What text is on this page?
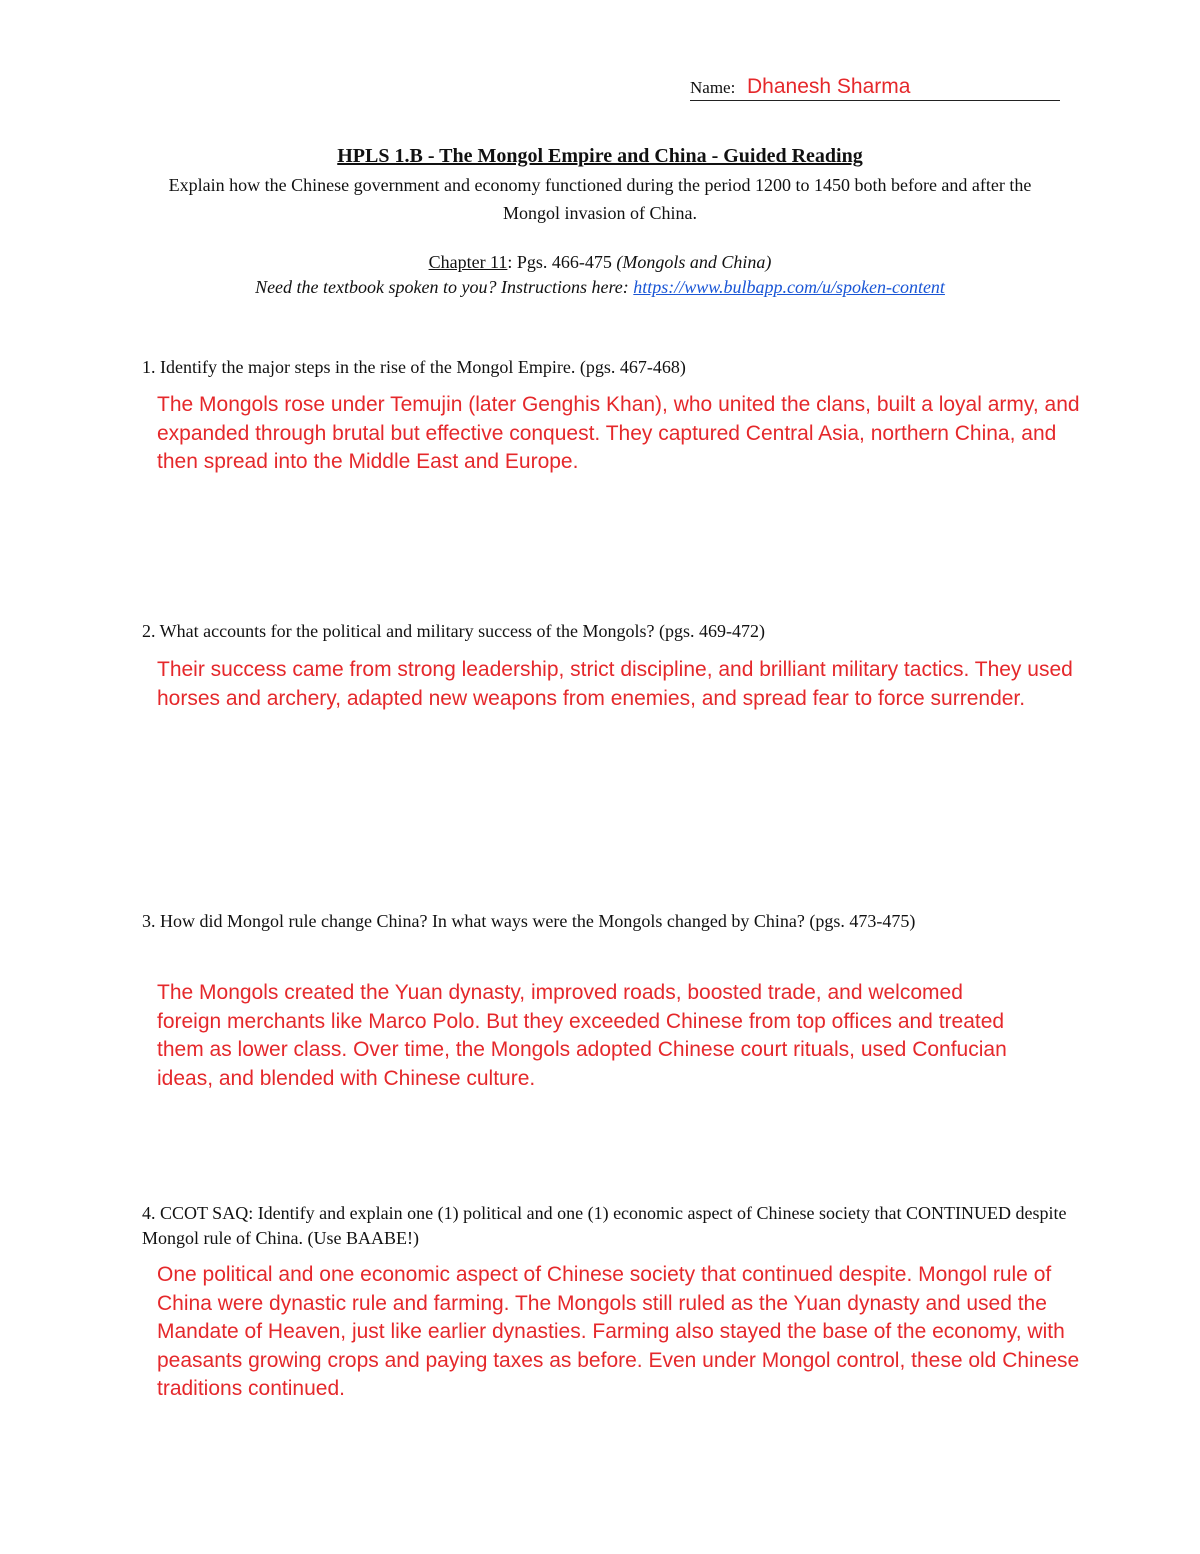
Name: Dhanesh Sharma
HPLS 1.B - The Mongol Empire and China - Guided Reading
Explain how the Chinese government and economy functioned during the period 1200 to 1450 both before and after the Mongol invasion of China.
Chapter 11: Pgs. 466-475 (Mongols and China)
Need the textbook spoken to you? Instructions here: https://www.bulbapp.com/u/spoken-content
1. Identify the major steps in the rise of the Mongol Empire. (pgs. 467-468)
The Mongols rose under Temujin (later Genghis Khan), who united the clans, built a loyal army, and expanded through brutal but effective conquest. They captured Central Asia, northern China, and then spread into the Middle East and Europe.
2. What accounts for the political and military success of the Mongols? (pgs. 469-472)
Their success came from strong leadership, strict discipline, and brilliant military tactics. They used horses and archery, adapted new weapons from enemies, and spread fear to force surrender.
3. How did Mongol rule change China? In what ways were the Mongols changed by China? (pgs. 473-475)
The Mongols created the Yuan dynasty, improved roads, boosted trade, and welcomed foreign merchants like Marco Polo. But they exceeded Chinese from top offices and treated them as lower class. Over time, the Mongols adopted Chinese court rituals, used Confucian ideas, and blended with Chinese culture.
4. CCOT SAQ: Identify and explain one (1) political and one (1) economic aspect of Chinese society that CONTINUED despite Mongol rule of China. (Use BAABE!)
One political and one economic aspect of Chinese society that continued despite. Mongol rule of China were dynastic rule and farming. The Mongols still ruled as the Yuan dynasty and used the Mandate of Heaven, just like earlier dynasties. Farming also stayed the base of the economy, with peasants growing crops and paying taxes as before. Even under Mongol control, these old Chinese traditions continued.
